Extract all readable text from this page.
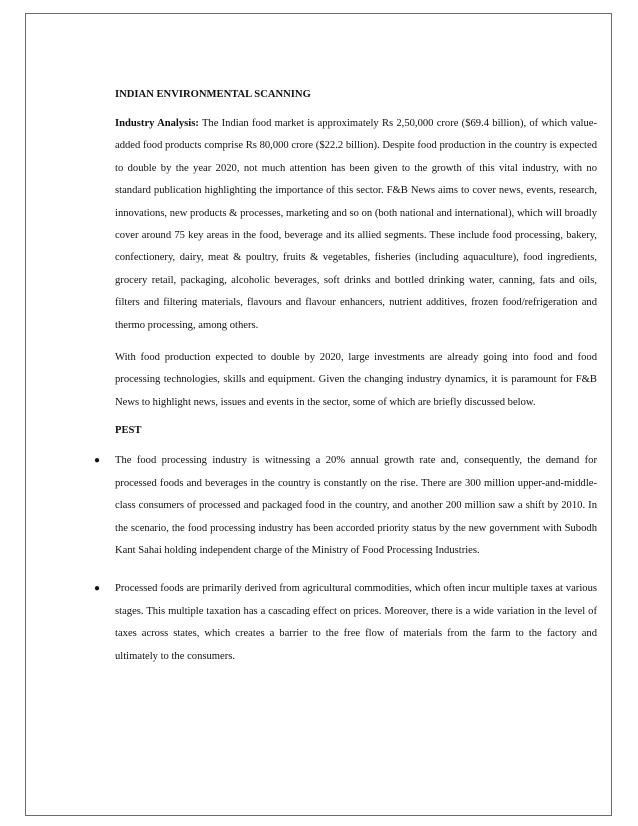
INDIAN ENVIRONMENTAL SCANNING

Industry Analysis: The Indian food market is approximately Rs 2,50,000 crore ($69.4 billion), of which value-added food products comprise Rs 80,000 crore ($22.2 billion). Despite food production in the country is expected to double by the year 2020, not much attention has been given to the growth of this vital industry, with no standard publication highlighting the importance of this sector. F&B News aims to cover news, events, research, innovations, new products & processes, marketing and so on (both national and international), which will broadly cover around 75 key areas in the food, beverage and its allied segments. These include food processing, bakery, confectionery, dairy, meat & poultry, fruits & vegetables, fisheries (including aquaculture), food ingredients, grocery retail, packaging, alcoholic beverages, soft drinks and bottled drinking water, canning, fats and oils, filters and filtering materials, flavours and flavour enhancers, nutrient additives, frozen food/refrigeration and thermo processing, among others.

With food production expected to double by 2020, large investments are already going into food and food processing technologies, skills and equipment. Given the changing industry dynamics, it is paramount for F&B News to highlight news, issues and events in the sector, some of which are briefly discussed below.

PEST
● The food processing industry is witnessing a 20% annual growth rate and, consequently, the demand for processed foods and beverages in the country is constantly on the rise. There are 300 million upper-and-middle-class consumers of processed and packaged food in the country, and another 200 million saw a shift by 2010. In the scenario, the food processing industry has been accorded priority status by the new government with Subodh Kant Sahai holding independent charge of the Ministry of Food Processing Industries.

● Processed foods are primarily derived from agricultural commodities, which often incur multiple taxes at various stages. This multiple taxation has a cascading effect on prices. Moreover, there is a wide variation in the level of taxes across states, which creates a barrier to the free flow of materials from the farm to the factory and ultimately to the consumers.
